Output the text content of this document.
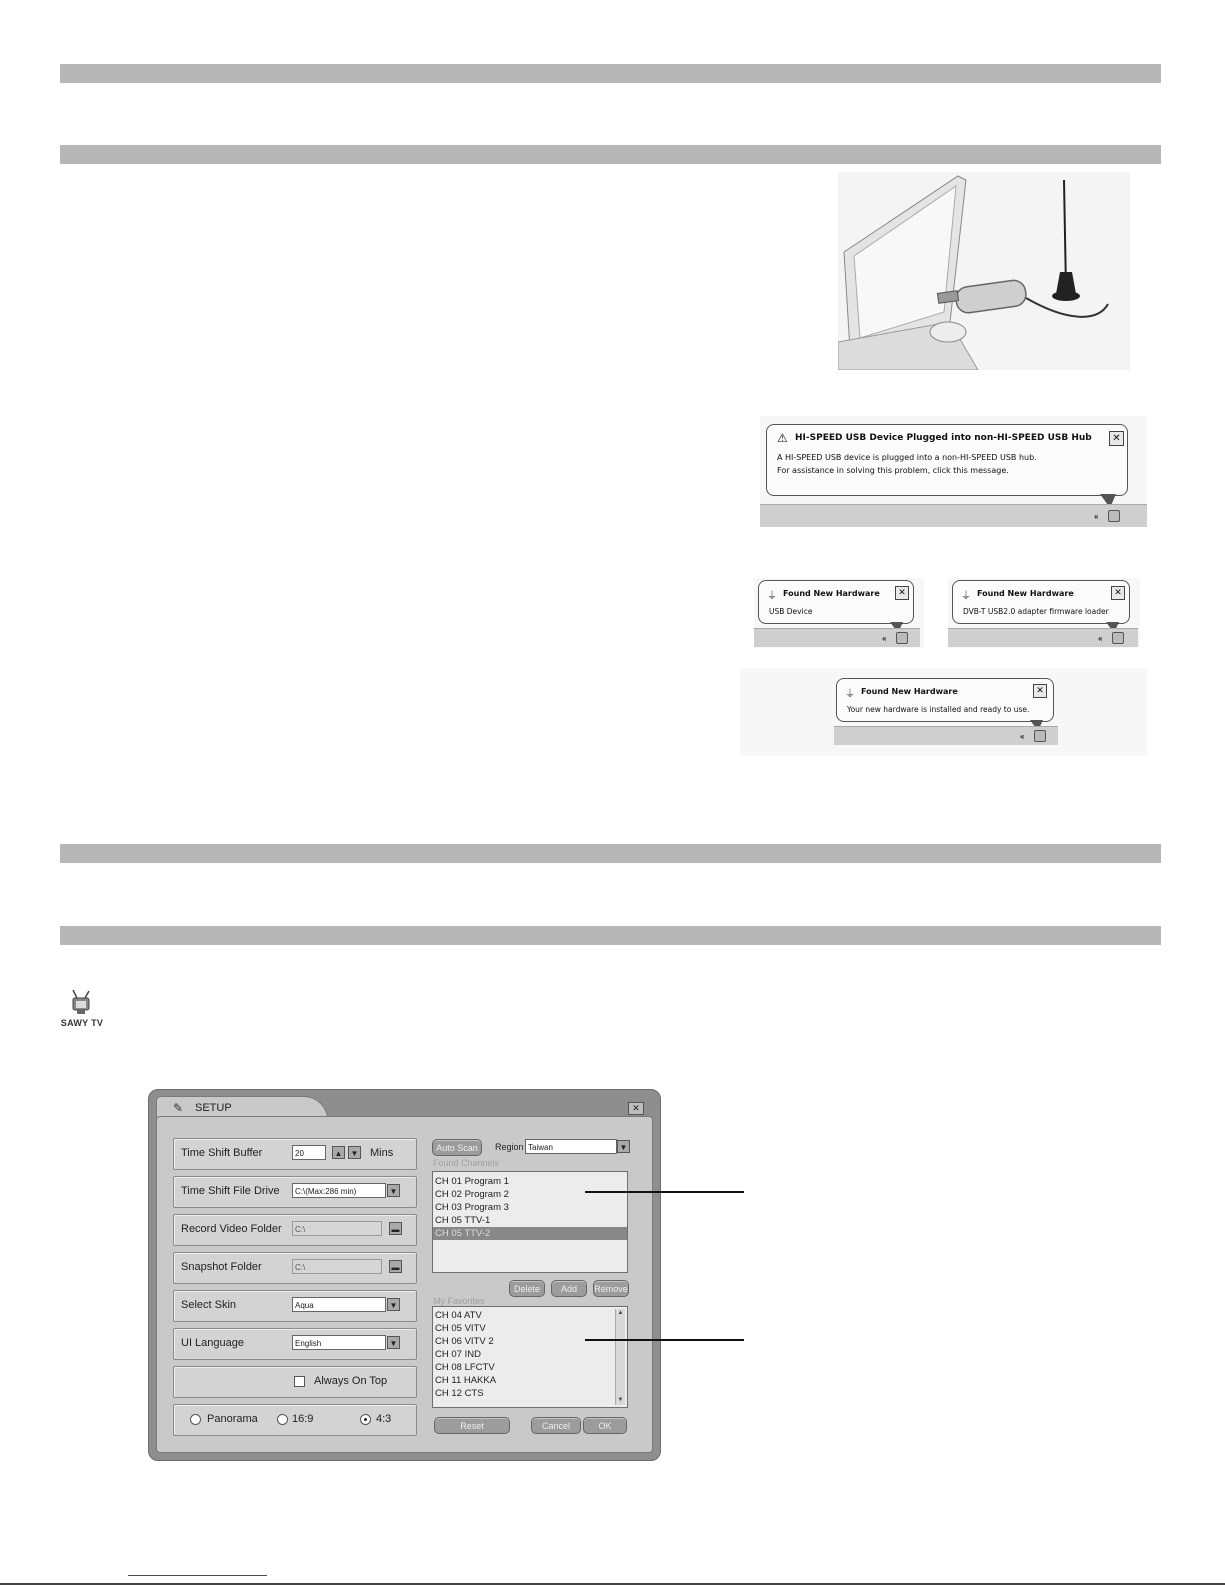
⚠ HI-SPEED USB Device Plugged into non-HI-SPEED USB Hub
A HI-SPEED USB device is plugged into a non-HI-SPEED USB hub.
For assistance in solving this problem, click this message.
✕
«
⏚ Found New Hardware
USB Device
✕
«
⏚ Found New Hardware
DVB-T USB2.0 adapter firmware loader
✕
«
⏚ Found New Hardware
Your new hardware is installed and ready to use.
✕
«
SAWY TV
✎ SETUP	✕
Time Shift Buffer	20	▲	▼ Mins
Time Shift File Drive	C:\(Max:286 min)	▼
Record Video Folder	C:\	▬
Snapshot Folder	C:\	▬
Select Skin	Aqua	▼
UI Language	English	▼
Always On Top
Panorama	16:9	4:3
Auto Scan	Region Taiwan	▼
Found Channels
CH 01 Program 1
CH 02 Program 2
CH 03 Program 3
CH 05 TTV-1
CH 05 TTV-2
Delete	Add	Remove
My Favorites
CH 04 ATV
CH 05 VITV
CH 06 VITV 2
CH 07 IND
CH 08 LFCTV
CH 11 HAKKA
CH 12 CTS
▲
▼
Reset	Cancel	OK
